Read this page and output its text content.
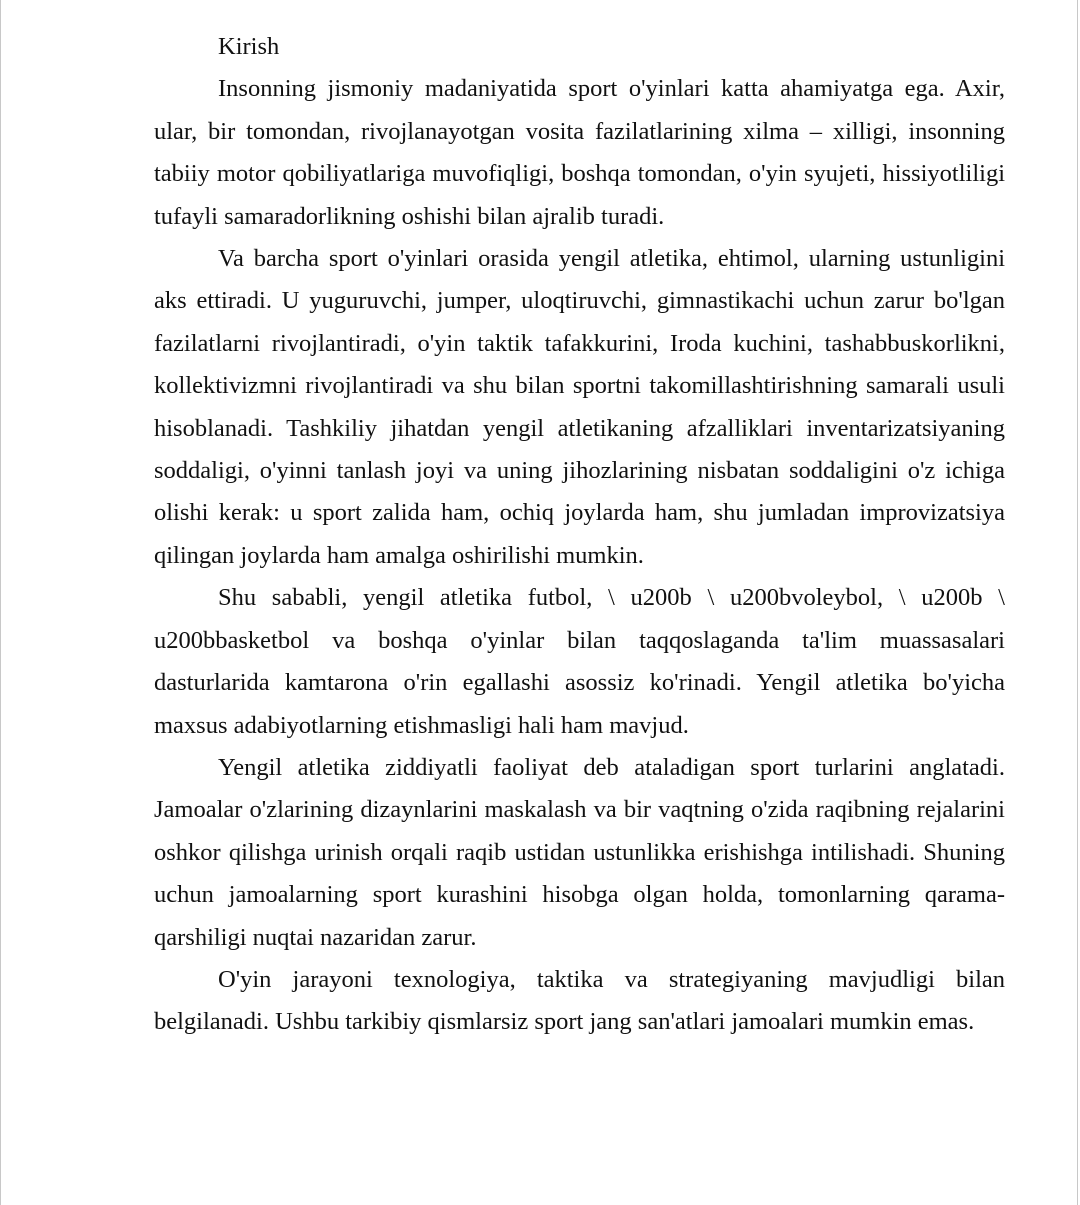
Kirish

Insonning jismoniy madaniyatida sport o'yinlari katta ahamiyatga ega. Axir, ular, bir tomondan, rivojlanayotgan vosita fazilatlarining xilma – xilligi, insonning tabiiy motor qobiliyatlariga muvofiqligi, boshqa tomondan, o'yin syujeti, hissiyotliligi tufayli samaradorlikning oshishi bilan ajralib turadi.

Va barcha sport o'yinlari orasida yengil atletika, ehtimol, ularning ustunligini aks ettiradi. U yuguruvchi, jumper, uloqtiruvchi, gimnastikachi uchun zarur bo'lgan fazilatlarni rivojlantiradi, o'yin taktik tafakkurini, Iroda kuchini, tashabbuskorlikni, kollektivizmni rivojlantiradi va shu bilan sportni takomillashtirishning samarali usuli hisoblanadi. Tashkiliy jihatdan yengil atletikaning afzalliklari inventarizatsiyaning soddaligi, o'yinni tanlash joyi va uning jihozlarining nisbatan soddaligini o'z ichiga olishi kerak: u sport zalida ham, ochiq joylarda ham, shu jumladan improvizatsiya qilingan joylarda ham amalga oshirilishi mumkin.

Shu sababli, yengil atletika futbol, \ u200b \ u200bvoleybol, \ u200b \ u200bbasketbol va boshqa o'yinlar bilan taqqoslaganda ta'lim muassasalari dasturlarida kamtarona o'rin egallashi asossiz ko'rinadi. Yengil atletika bo'yicha maxsus adabiyotlarning etishmasligi hali ham mavjud.

Yengil atletika ziddiyatli faoliyat deb ataladigan sport turlarini anglatadi. Jamoalar o'zlarining dizaynlarini maskalash va bir vaqtning o'zida raqibning rejalarini oshkor qilishga urinish orqali raqib ustidan ustunlikka erishishga intilishadi. Shuning uchun jamoalarning sport kurashini hisobga olgan holda, tomonlarning qarama-qarshiligi nuqtai nazaridan zarur.

O'yin jarayoni texnologiya, taktika va strategiyaning mavjudligi bilan belgilanadi. Ushbu tarkibiy qismlarsiz sport jang san'atlari jamoalari mumkin emas.
